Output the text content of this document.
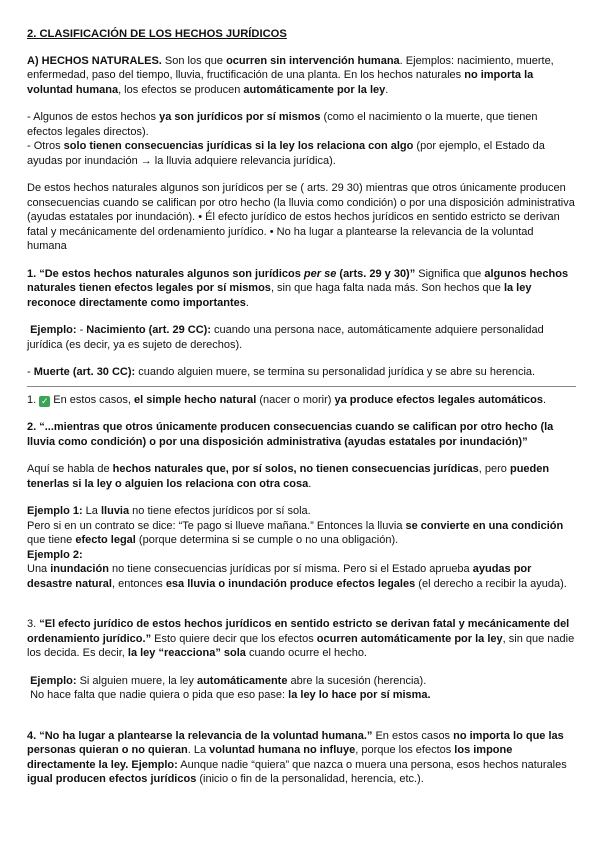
2. CLASIFICACIÓN DE LOS HECHOS JURÍDICOS

A) HECHOS NATURALES. Son los que ocurren sin intervención humana. Ejemplos: nacimiento, muerte, enfermedad, paso del tiempo, lluvia, fructificación de una planta. En los hechos naturales no importa la voluntad humana, los efectos se producen automáticamente por la ley.

- Algunos de estos hechos ya son jurídicos por sí mismos (como el nacimiento o la muerte, que tienen efectos legales directos).

- Otros solo tienen consecuencias jurídicas si la ley los relaciona con algo (por ejemplo, el Estado da ayudas por inundación → la lluvia adquiere relevancia jurídica).

De estos hechos naturales algunos son jurídicos per se ( arts. 29 30) mientras que otros únicamente producen consecuencias cuando se califican por otro hecho (la lluvia como condición) o por una disposición administrativa (ayudas estatales por inundación). • Él efecto jurídico de estos hechos jurídicos en sentido estricto se derivan fatal y mecánicamente del ordenamiento jurídico. • No ha lugar a plantearse la relevancia de la voluntad humana

1. “De estos hechos naturales algunos son jurídicos per se (arts. 29 y 30)” Significa que algunos hechos naturales tienen efectos legales por sí mismos, sin que haga falta nada más. Son hechos que la ley reconoce directamente como importantes.

Ejemplo: - Nacimiento (art. 29 CC): cuando una persona nace, automáticamente adquiere personalidad jurídica (es decir, ya es sujeto de derechos).

- Muerte (art. 30 CC): cuando alguien muere, se termina su personalidad jurídica y se abre su herencia.

1. ✓ En estos casos, el simple hecho natural (nacer o morir) ya produce efectos legales automáticos.

2. “...mientras que otros únicamente producen consecuencias cuando se califican por otro hecho (la lluvia como condición) o por una disposición administrativa (ayudas estatales por inundación)”

Aquí se habla de hechos naturales que, por sí solos, no tienen consecuencias jurídicas, pero pueden tenerlas si la ley o alguien los relaciona con otra cosa.

Ejemplo 1: La lluvia no tiene efectos jurídicos por sí sola.

Pero si en un contrato se dice: “Te pago si llueve mañana.” Entonces la lluvia se convierte en una condición que tiene efecto legal (porque determina si se cumple o no una obligación).

Ejemplo 2:

Una inundación no tiene consecuencias jurídicas por sí misma. Pero si el Estado aprueba ayudas por desastre natural, entonces esa lluvia o inundación produce efectos legales (el derecho a recibir la ayuda).

3. “El efecto jurídico de estos hechos jurídicos en sentido estricto se derivan fatal y mecánicamente del ordenamiento jurídico.” Esto quiere decir que los efectos ocurren automáticamente por la ley, sin que nadie los decida. Es decir, la ley “reacciona” sola cuando ocurre el hecho.

Ejemplo: Si alguien muere, la ley automáticamente abre la sucesión (herencia).

No hace falta que nadie quiera o pida que eso pase: la ley lo hace por sí misma.

4. “No ha lugar a plantearse la relevancia de la voluntad humana.” En estos casos no importa lo que las personas quieran o no quieran. La voluntad humana no influye, porque los efectos los impone directamente la ley. Ejemplo: Aunque nadie “quiera” que nazca o muera una persona, esos hechos naturales igual producen efectos jurídicos (inicio o fin de la personalidad, herencia, etc.).
